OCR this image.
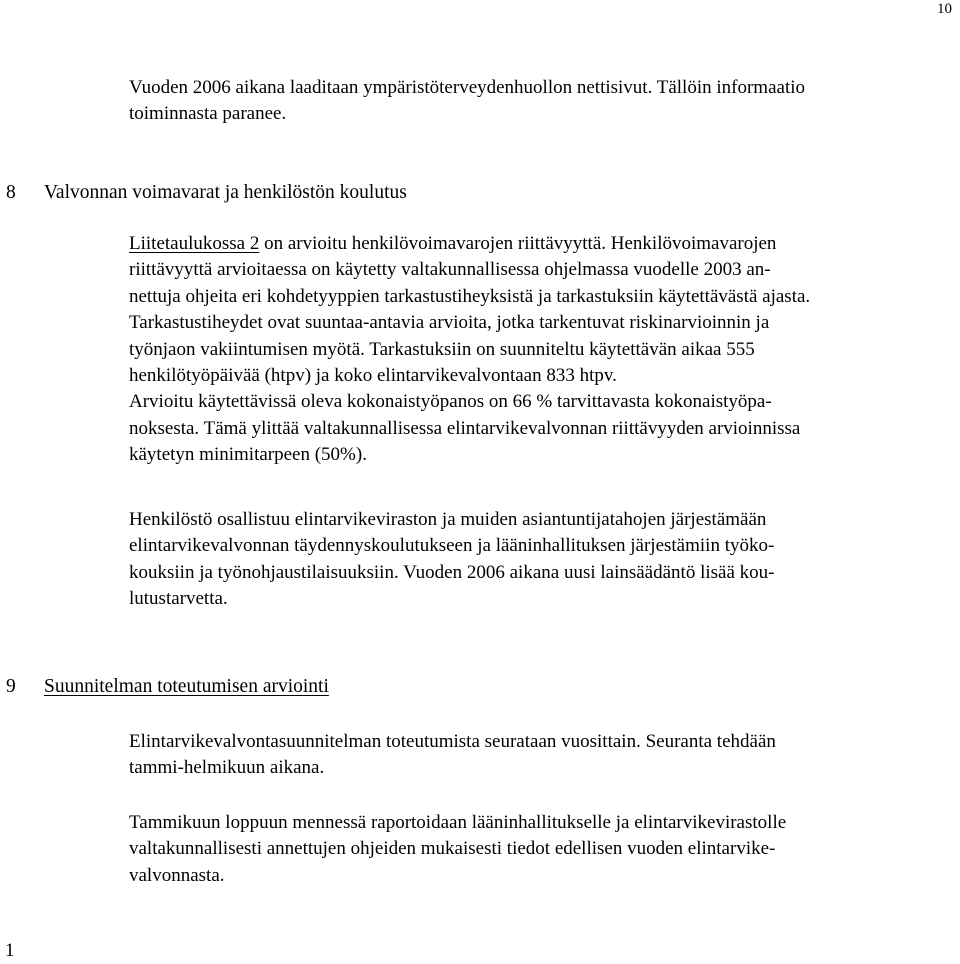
10

Vuoden 2006 aikana laaditaan ympäristöterveydenhuollon nettisivut. Tällöin informaatio
toiminnasta paranee.

8 Valvonnan voimavarat ja henkilöstön koulutus

Liitetaulukossa 2 on arvioitu henkilövoimavarojen riittävyyttä. Henkilövoimavarojen
riittävyyttä arvioitaessa on käytetty valtakunnallisessa ohjelmassa vuodelle 2003 an-
nettuja ohjeita eri kohdetyyppien tarkastustiheyksistä ja tarkastuksiin käytettävästä ajasta.
Tarkastustiheydet ovat suuntaa-antavia arvioita, jotka tarkentuvat riskinarvioinnin ja
työnjaon vakiintumisen myötä. Tarkastuksiin on suunniteltu käytettävän aikaa 555
henkilötyöpäivää (htpv) ja koko elintarvikevalvontaan 833 htpv.
Arvioitu käytettävissä oleva kokonaistyöpanos on 66 % tarvittavasta kokonaistyöpa-
noksesta. Tämä ylittää valtakunnallisessa elintarvikevalvonnan riittävyyden arvioinnissa
käytetyn minimitarpeen (50%).

Henkilöstö osallistuu elintarvikeviraston ja muiden asiantuntijatahojen järjestämään
elintarvikevalvonnan täydennyskoulutukseen ja lääninhallituksen järjestämiin työko-
kouksiin ja työnohjaustilaisuuksiin. Vuoden 2006 aikana uusi lainsäädäntö lisää kou-
lutustarvetta.

9 Suunnitelman toteutumisen arviointi

Elintarvikevalvontasuunnitelman toteutumista seurataan vuosittain. Seuranta tehdään
tammi-helmikuun aikana.

Tammikuun loppuun mennessä raportoidaan lääninhallitukselle ja elintarvikevirastolle
valtakunnallisesti annettujen ohjeiden mukaisesti tiedot edellisen vuoden elintarvike-
valvonnasta.

1
